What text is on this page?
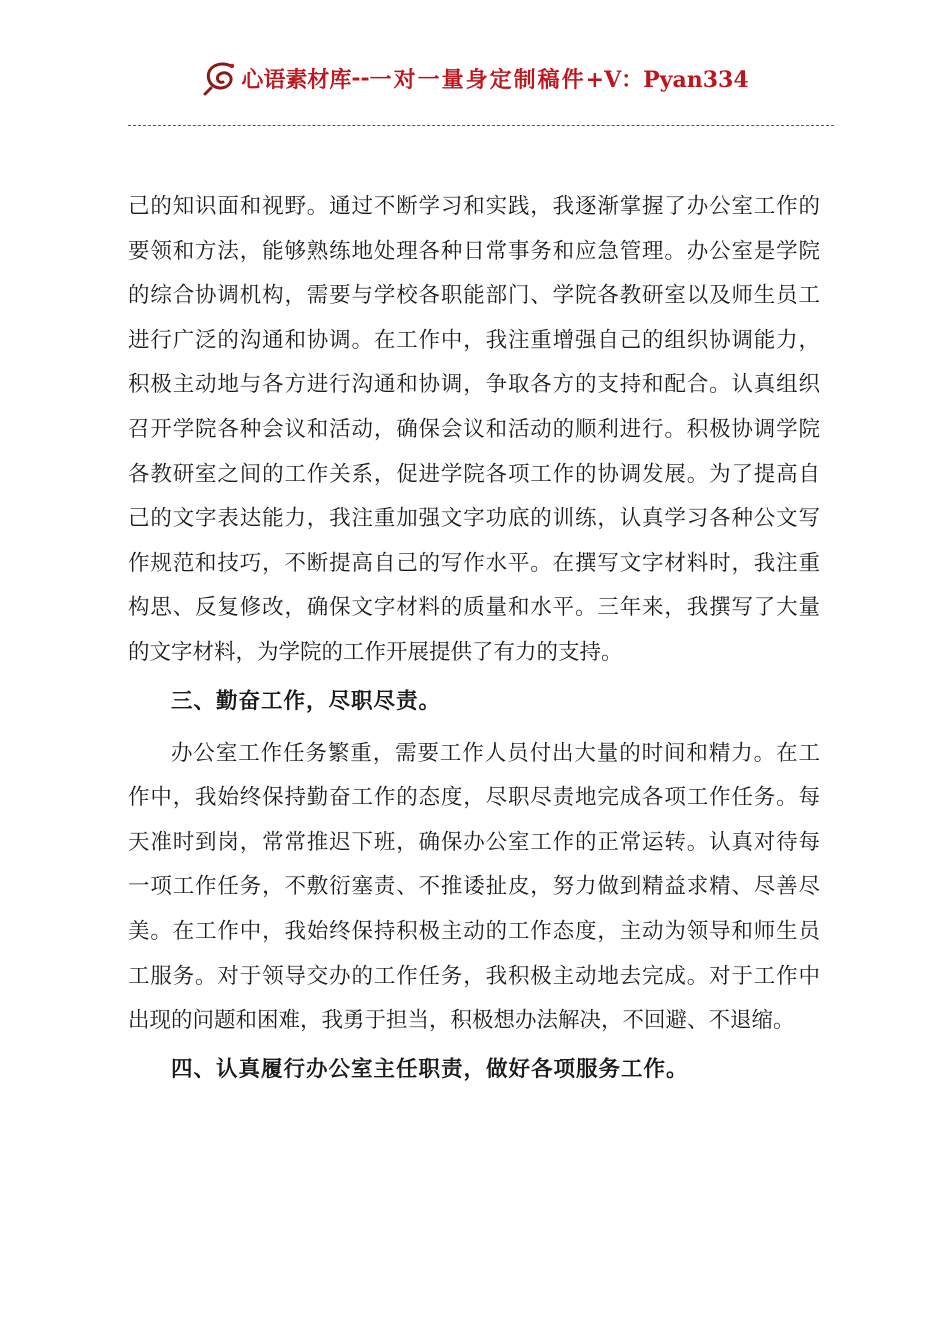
心语素材库 -- 一对一量身定制稿件 +V：Pyan334
己的知识面和视野。通过不断学习和实践，我逐渐掌握了办公室工作的
要领和方法，能够熟练地处理各种日常事务和应急管理。办公室是学院
的综合协调机构，需要与学校各职能部门、学院各教研室以及师生员工
进行广泛的沟通和协调。在工作中，我注重增强自己的组织协调能力，
积极主动地与各方进行沟通和协调，争取各方的支持和配合。认真组织
召开学院各种会议和活动，确保会议和活动的顺利进行。积极协调学院
各教研室之间的工作关系，促进学院各项工作的协调发展。为了提高自
己的文字表达能力，我注重加强文字功底的训练，认真学习各种公文写
作规范和技巧，不断提高自己的写作水平。在撰写文字材料时，我注重
构思、反复修改，确保文字材料的质量和水平。三年来，我撰写了大量
的文字材料，为学院的工作开展提供了有力的支持。
三、勤奋工作，尽职尽责。
办公室工作任务繁重，需要工作人员付出大量的时间和精力。在工
作中，我始终保持勤奋工作的态度，尽职尽责地完成各项工作任务。每
天准时到岗，常常推迟下班，确保办公室工作的正常运转。认真对待每
一项工作任务，不敷衍塞责、不推诿扯皮，努力做到精益求精、尽善尽
美。在工作中，我始终保持积极主动的工作态度，主动为领导和师生员
工服务。对于领导交办的工作任务，我积极主动地去完成。对于工作中
出现的问题和困难，我勇于担当，积极想办法解决，不回避、不退缩。
四、认真履行办公室主任职责，做好各项服务工作。
